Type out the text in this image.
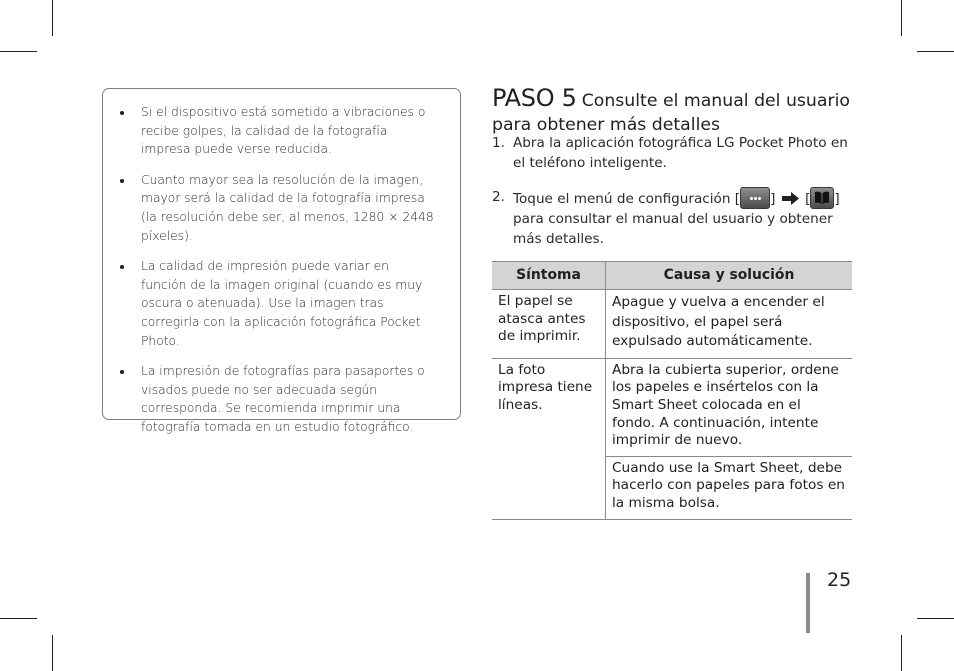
Si el dispositivo está sometido a vibraciones o recibe golpes, la calidad de la fotografía impresa puede verse reducida.
Cuanto mayor sea la resolución de la imagen, mayor será la calidad de la fotografía impresa (la resolución debe ser, al menos, 1280 × 2448 píxeles).
La calidad de impresión puede variar en función de la imagen original (cuando es muy oscura o atenuada). Use la imagen tras corregirla con la aplicación fotográfica Pocket Photo.
La impresión de fotografías para pasaportes o visados puede no ser adecuada según corresponda. Se recomienda imprimir una fotografía tomada en un estudio fotográfico.
PASO 5 Consulte el manual del usuario para obtener más detalles
1. Abra la aplicación fotográfica LG Pocket Photo en el teléfono inteligente.
2. Toque el menú de configuración [ ] [ ] para consultar el manual del usuario y obtener más detalles.
Síntoma	Causa y solución
El papel se atasca antes de imprimir.	Apague y vuelva a encender el dispositivo, el papel será expulsado automáticamente.
La foto impresa tiene líneas.	Abra la cubierta superior, ordene los papeles e insértelos con la Smart Sheet colocada en el fondo. A continuación, intente imprimir de nuevo.
	Cuando use la Smart Sheet, debe hacerlo con papeles para fotos en la misma bolsa.
25
